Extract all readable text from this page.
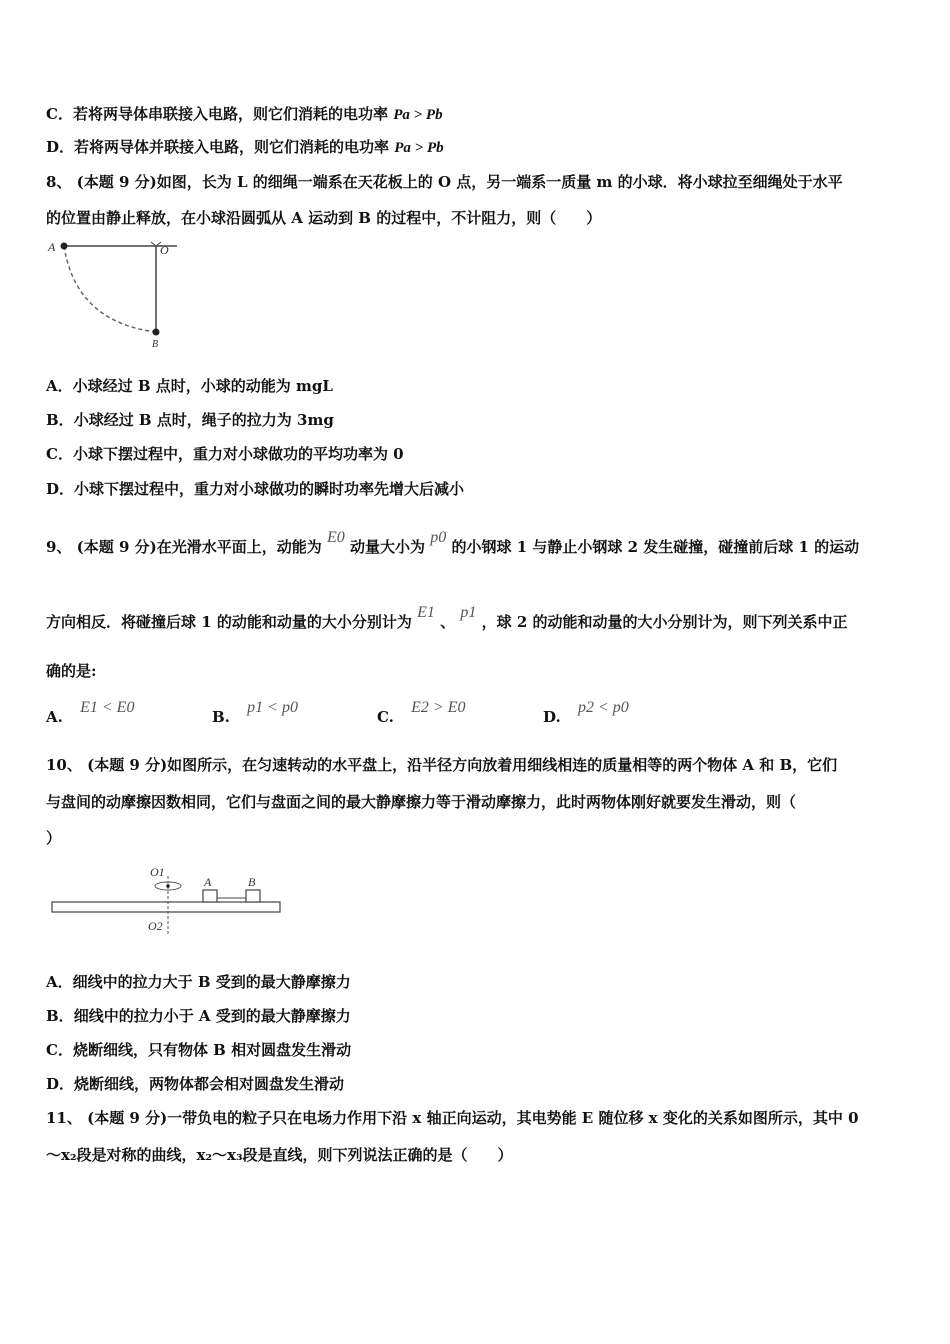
C．若将两导体串联接入电路，则它们消耗的电功率 Pa > Pb
D．若将两导体并联接入电路，则它们消耗的电功率 Pa > Pb
8、 (本题 9 分)如图，长为 L 的细绳一端系在天花板上的 O 点，另一端系一质量 m 的小球．将小球拉至细绳处于水平
的位置由静止释放，在小球沿圆弧从 A 运动到 B 的过程中，不计阻力，则（　　）
A	O
B
A．小球经过 B 点时，小球的动能为 mgL
B．小球经过 B 点时，绳子的拉力为 3mg
C．小球下摆过程中，重力对小球做功的平均功率为 0
D．小球下摆过程中，重力对小球做功的瞬时功率先增大后减小
9、 (本题 9 分)在光滑水平面上，动能为 E0 动量大小为 p0 的小钢球 1 与静止小钢球 2 发生碰撞，碰撞前后球 1 的运动
方向相反．将碰撞后球 1 的动能和动量的大小分别计为 E1 、 p1 ，球 2 的动能和动量的大小分别计为，则下列关系中正
确的是:
A. E1 < E0
B. p1 < p0
C. E2 > E0
D. p2 < p0
10、 (本题 9 分)如图所示，在匀速转动的水平盘上，沿半径方向放着用细线相连的质量相等的两个物体 A 和 B，它们
与盘间的动摩擦因数相同，它们与盘面之间的最大静摩擦力等于滑动摩擦力，此时两物体刚好就要发生滑动，则（
）
O1
O2
A	B
A．细线中的拉力大于 B 受到的最大静摩擦力
B．细线中的拉力小于 A 受到的最大静摩擦力
C．烧断细线，只有物体 B 相对圆盘发生滑动
D．烧断细线，两物体都会相对圆盘发生滑动
11、 (本题 9 分)一带负电的粒子只在电场力作用下沿 x 轴正向运动，其电势能 E 随位移 x 变化的关系如图所示，其中 0
～x₂段是对称的曲线，x₂～x₃段是直线，则下列说法正确的是（　　）
